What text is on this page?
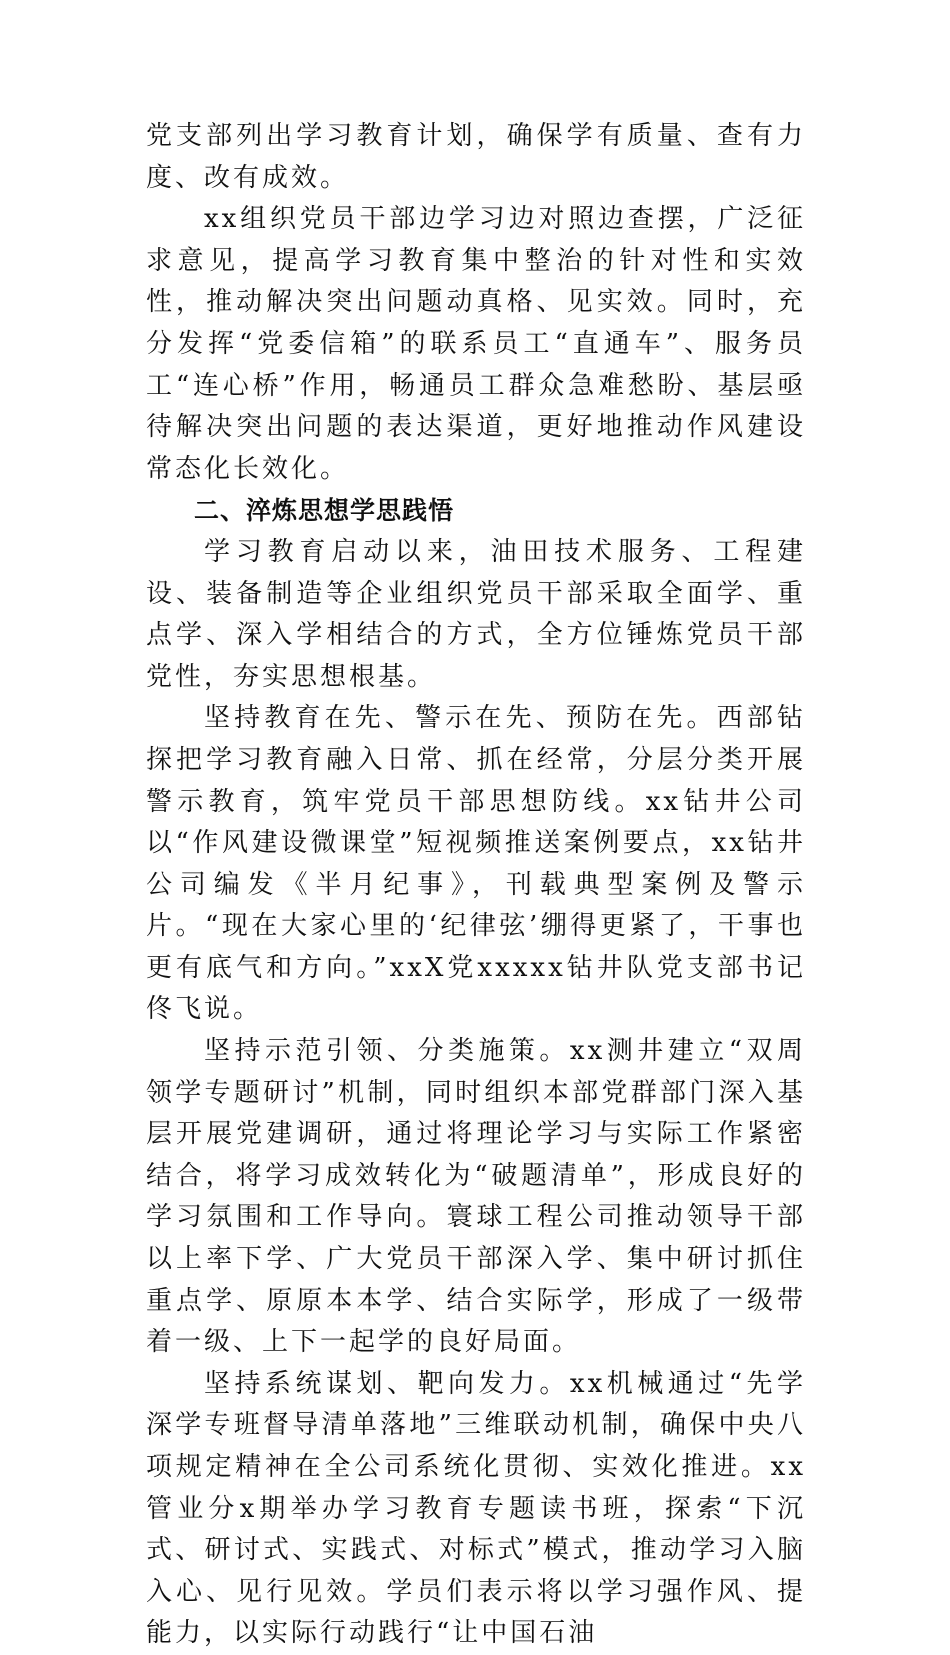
党支部列出学习教育计划，确保学有质量、查有力度、改有成效。

xx组织党员干部边学习边对照边查摆，广泛征求意见，提高学习教育集中整治的针对性和实效性，推动解决突出问题动真格、见实效。同时，充分发挥“党委信箱”的联系员工“直通车”、服务员工“连心桥”作用，畅通员工群众急难愁盼、基层亟待解决突出问题的表达渠道，更好地推动作风建设常态化长效化。

二、淬炼思想学思践悟

学习教育启动以来，油田技术服务、工程建设、装备制造等企业组织党员干部采取全面学、重点学、深入学相结合的方式，全方位锤炼党员干部党性，夯实思想根基。

坚持教育在先、警示在先、预防在先。西部钻探把学习教育融入日常、抓在经常，分层分类开展警示教育，筑牢党员干部思想防线。xx钻井公司以“作风建设微课堂”短视频推送案例要点，xx钻井公司编发《半月纪事》，刊载典型案例及警示片。“现在大家心里的‘纪律弦’绷得更紧了，干事也更有底气和方向。”xxX党xxxxx钻井队党支部书记佟飞说。

坚持示范引领、分类施策。xx测井建立“双周领学专题研讨”机制，同时组织本部党群部门深入基层开展党建调研，通过将理论学习与实际工作紧密结合，将学习成效转化为“破题清单”，形成良好的学习氛围和工作导向。寰球工程公司推动领导干部以上率下学、广大党员干部深入学、集中研讨抓住重点学、原原本本学、结合实际学，形成了一级带着一级、上下一起学的良好局面。

坚持系统谋划、靶向发力。xx机械通过“先学深学专班督导清单落地”三维联动机制，确保中央八项规定精神在全公司系统化贯彻、实效化推进。xx管业分x期举办学习教育专题读书班，探索“下沉式、研讨式、实践式、对标式”模式，推动学习入脑入心、见行见效。学员们表示将以学习强作风、提能力，以实际行动践行“让中国石油
